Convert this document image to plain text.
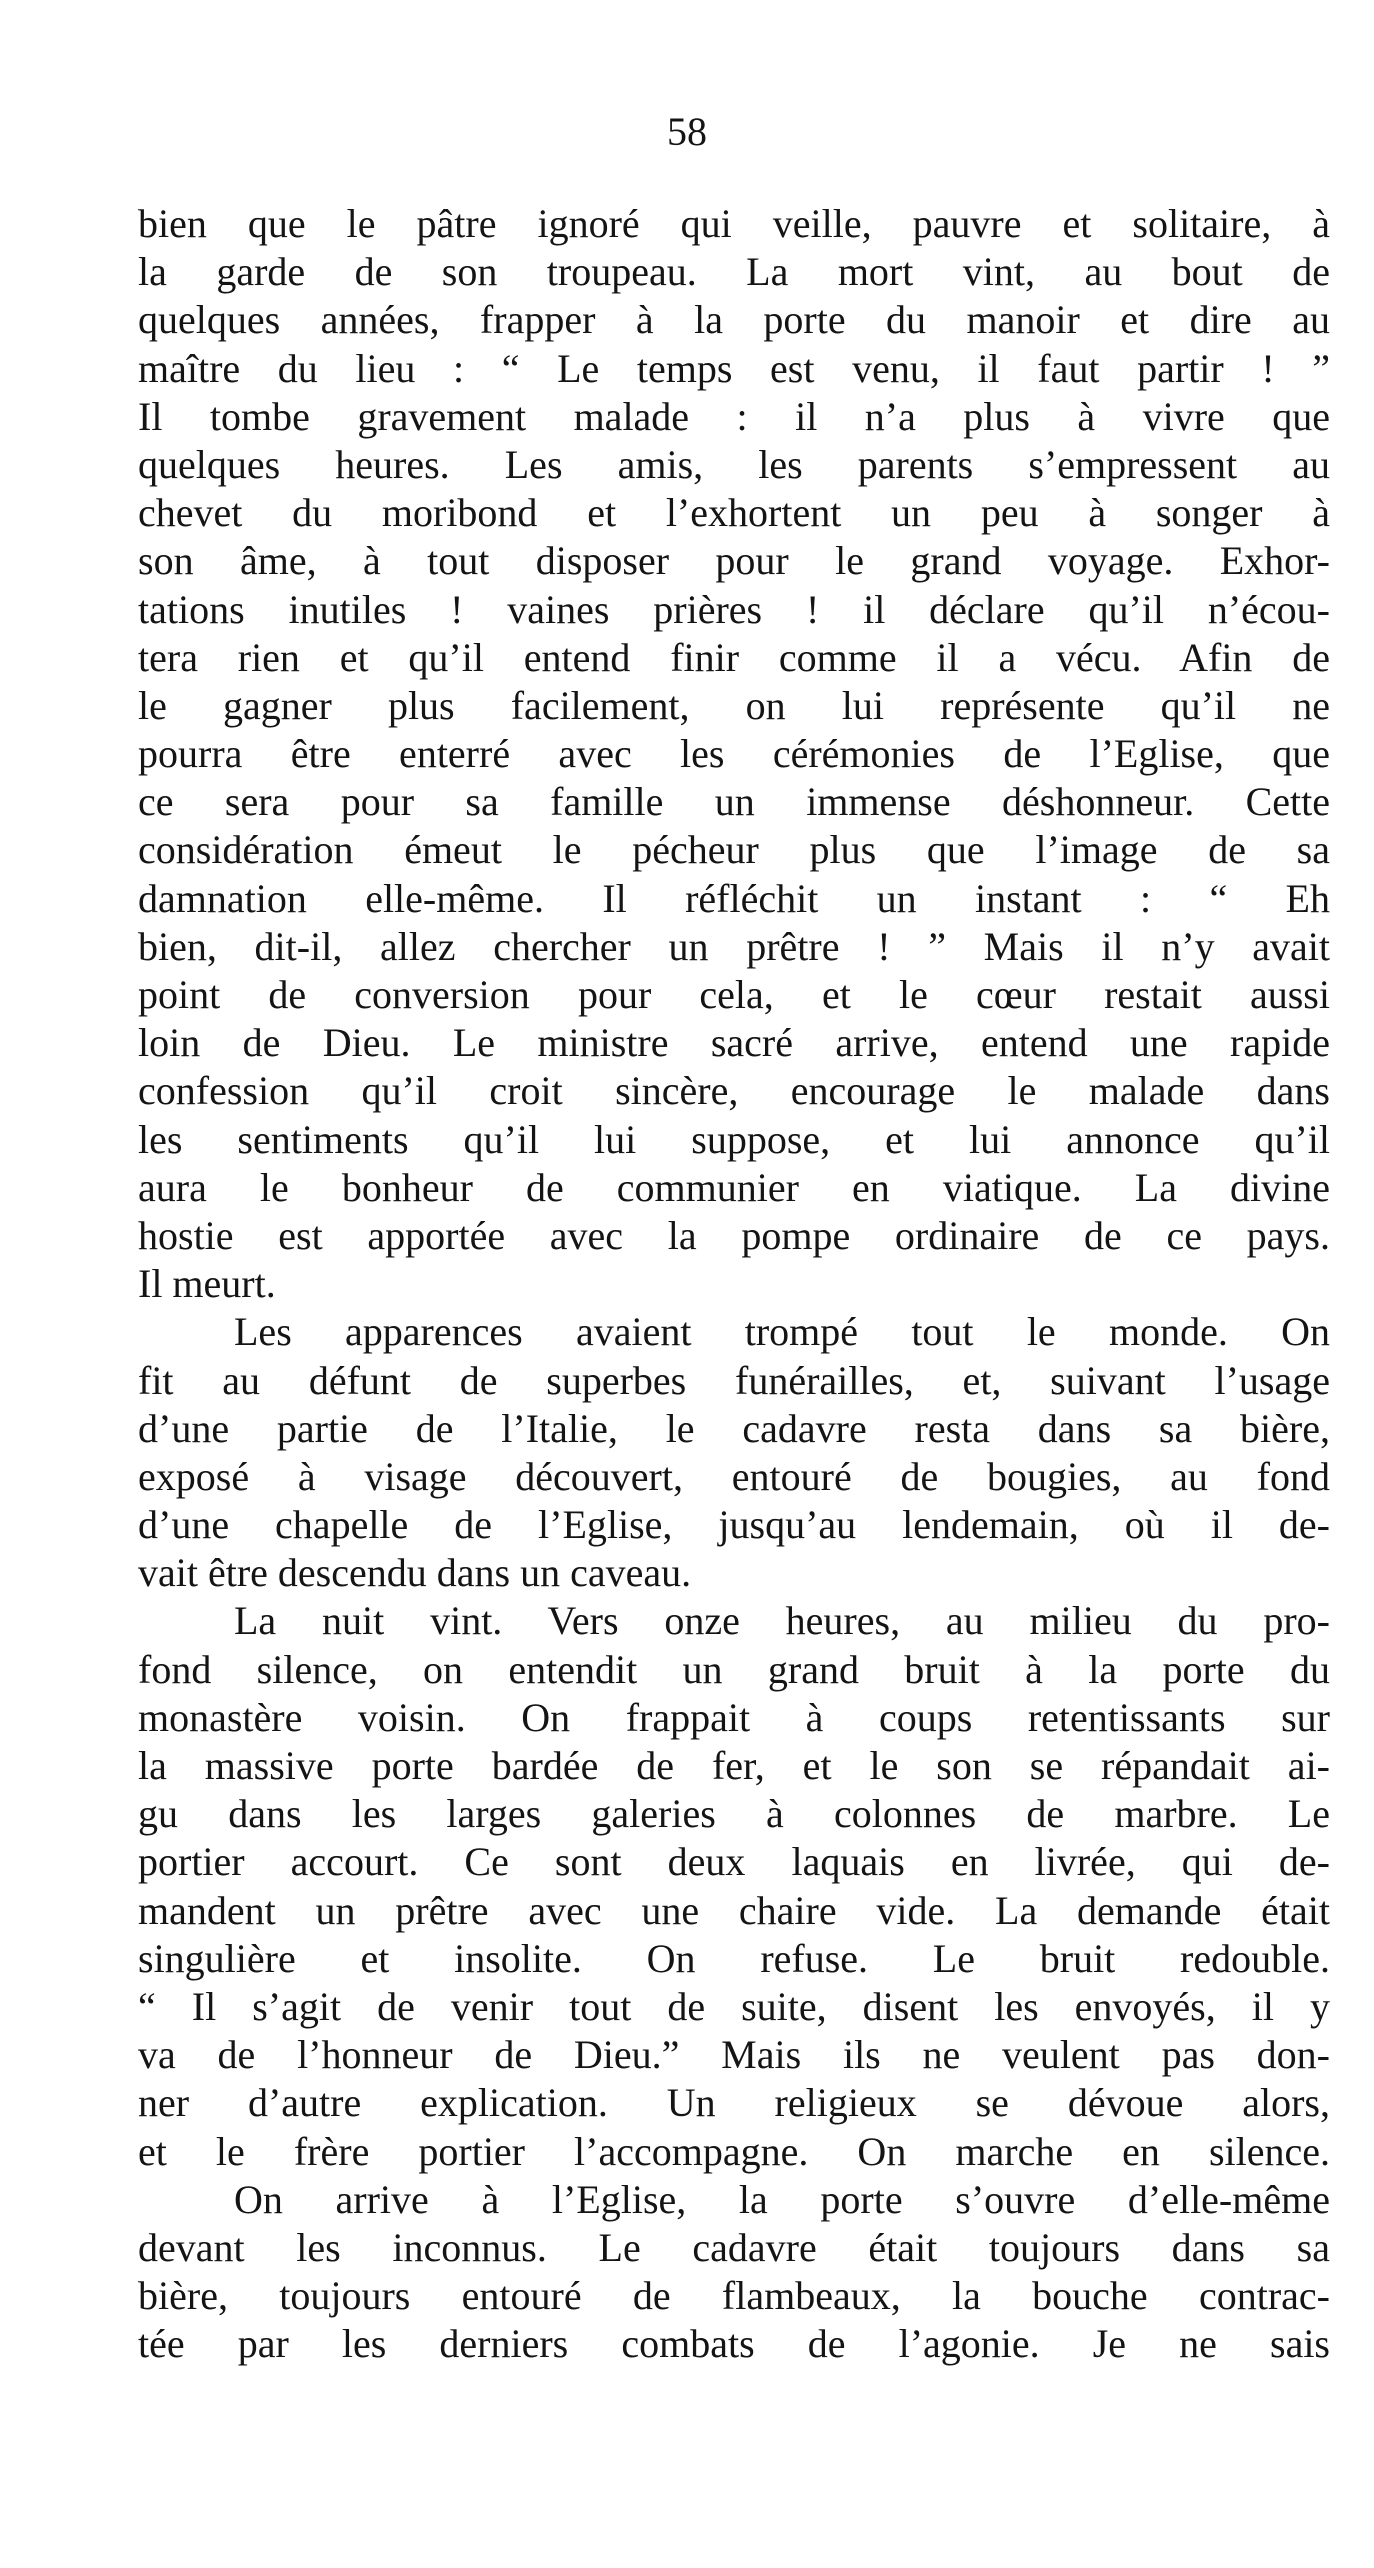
58
bien que le pâtre ignoré qui veille, pauvre et solitaire, à
la garde de son troupeau. La mort vint, au bout de
quelques années, frapper à la porte du manoir et dire au
maître du lieu : “ Le temps est venu, il faut partir ! ”
Il tombe gravement malade : il n’a plus à vivre que
quelques heures. Les amis, les parents s’empressent au
chevet du moribond et l’exhortent un peu à songer à
son âme, à tout disposer pour le grand voyage. Exhor-
tations inutiles ! vaines prières ! il déclare qu’il n’écou-
tera rien et qu’il entend finir comme il a vécu. Afin de
le gagner plus facilement, on lui représente qu’il ne
pourra être enterré avec les cérémonies de l’Eglise, que
ce sera pour sa famille un immense déshonneur. Cette
considération émeut le pécheur plus que l’image de sa
damnation elle-même. Il réfléchit un instant : “ Eh
bien, dit-il, allez chercher un prêtre ! ” Mais il n’y avait
point de conversion pour cela, et le cœur restait aussi
loin de Dieu. Le ministre sacré arrive, entend une rapide
confession qu’il croit sincère, encourage le malade dans
les sentiments qu’il lui suppose, et lui annonce qu’il
aura le bonheur de communier en viatique. La divine
hostie est apportée avec la pompe ordinaire de ce pays.
Il meurt.
Les apparences avaient trompé tout le monde. On
fit au défunt de superbes funérailles, et, suivant l’usage
d’une partie de l’Italie, le cadavre resta dans sa bière,
exposé à visage découvert, entouré de bougies, au fond
d’une chapelle de l’Eglise, jusqu’au lendemain, où il de-
vait être descendu dans un caveau.
La nuit vint. Vers onze heures, au milieu du pro-
fond silence, on entendit un grand bruit à la porte du
monastère voisin. On frappait à coups retentissants sur
la massive porte bardée de fer, et le son se répandait ai-
gu dans les larges galeries à colonnes de marbre. Le
portier accourt. Ce sont deux laquais en livrée, qui de-
mandent un prêtre avec une chaire vide. La demande était
singulière et insolite. On refuse. Le bruit redouble.
“ Il s’agit de venir tout de suite, disent les envoyés, il y
va de l’honneur de Dieu.” Mais ils ne veulent pas don-
ner d’autre explication. Un religieux se dévoue alors,
et le frère portier l’accompagne. On marche en silence.
On arrive à l’Eglise, la porte s’ouvre d’elle-même
devant les inconnus. Le cadavre était toujours dans sa
bière, toujours entouré de flambeaux, la bouche contrac-
tée par les derniers combats de l’agonie. Je ne sais
